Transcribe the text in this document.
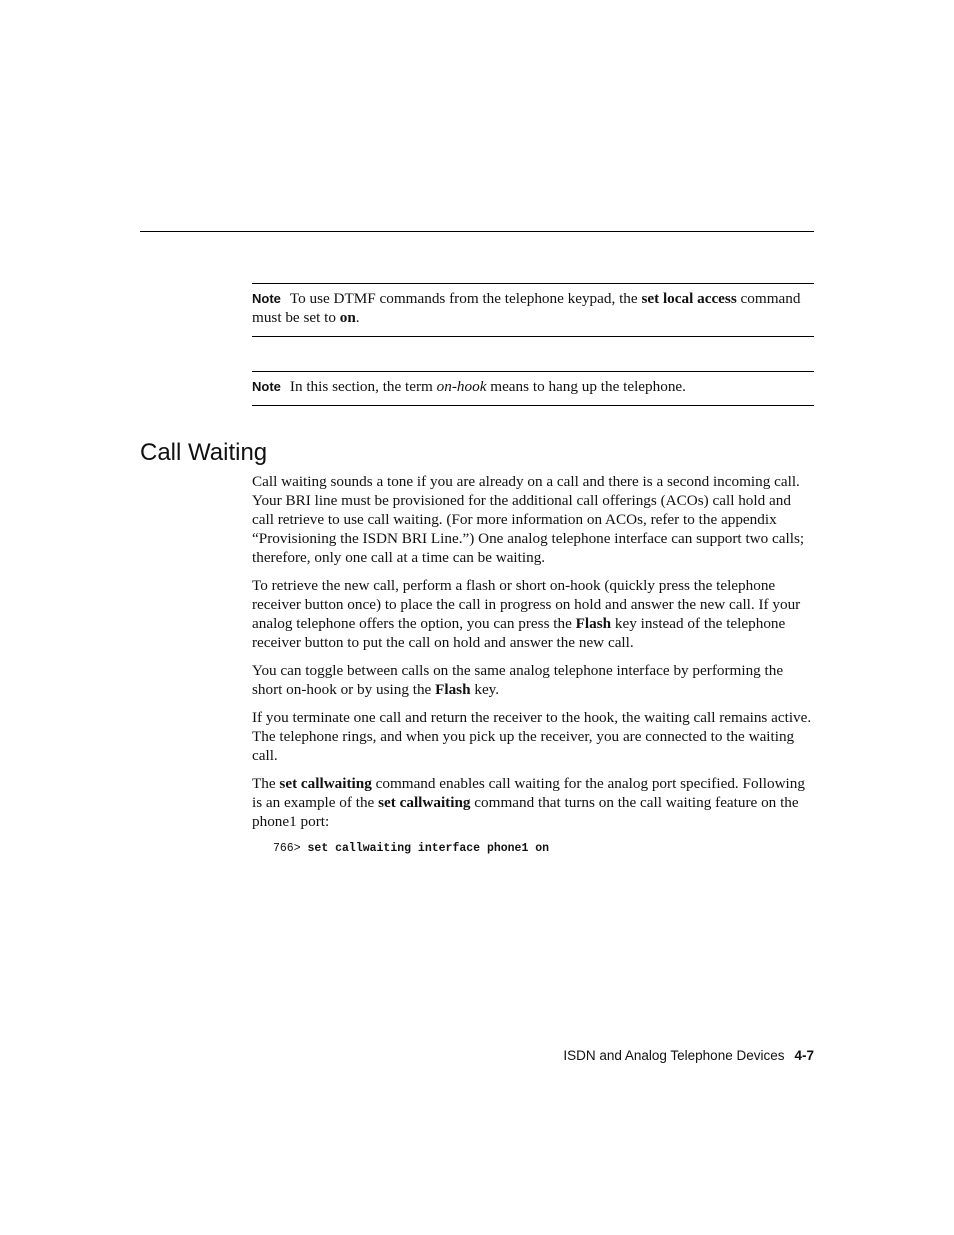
Note To use DTMF commands from the telephone keypad, the set local access command must be set to on.
Note In this section, the term on-hook means to hang up the telephone.
Call Waiting

Call waiting sounds a tone if you are already on a call and there is a second incoming call. Your BRI line must be provisioned for the additional call offerings (ACOs) call hold and call retrieve to use call waiting. (For more information on ACOs, refer to the appendix “Provisioning the ISDN BRI Line.”) One analog telephone interface can support two calls; therefore, only one call at a time can be waiting.

To retrieve the new call, perform a flash or short on-hook (quickly press the telephone receiver button once) to place the call in progress on hold and answer the new call. If your analog telephone offers the option, you can press the Flash key instead of the telephone receiver button to put the call on hold and answer the new call.

You can toggle between calls on the same analog telephone interface by performing the short on-hook or by using the Flash key.

If you terminate one call and return the receiver to the hook, the waiting call remains active. The telephone rings, and when you pick up the receiver, you are connected to the waiting call.

The set callwaiting command enables call waiting for the analog port specified. Following is an example of the set callwaiting command that turns on the call waiting feature on the phone1 port:

766> set callwaiting interface phone1 on
ISDN and Analog Telephone Devices 4-7
